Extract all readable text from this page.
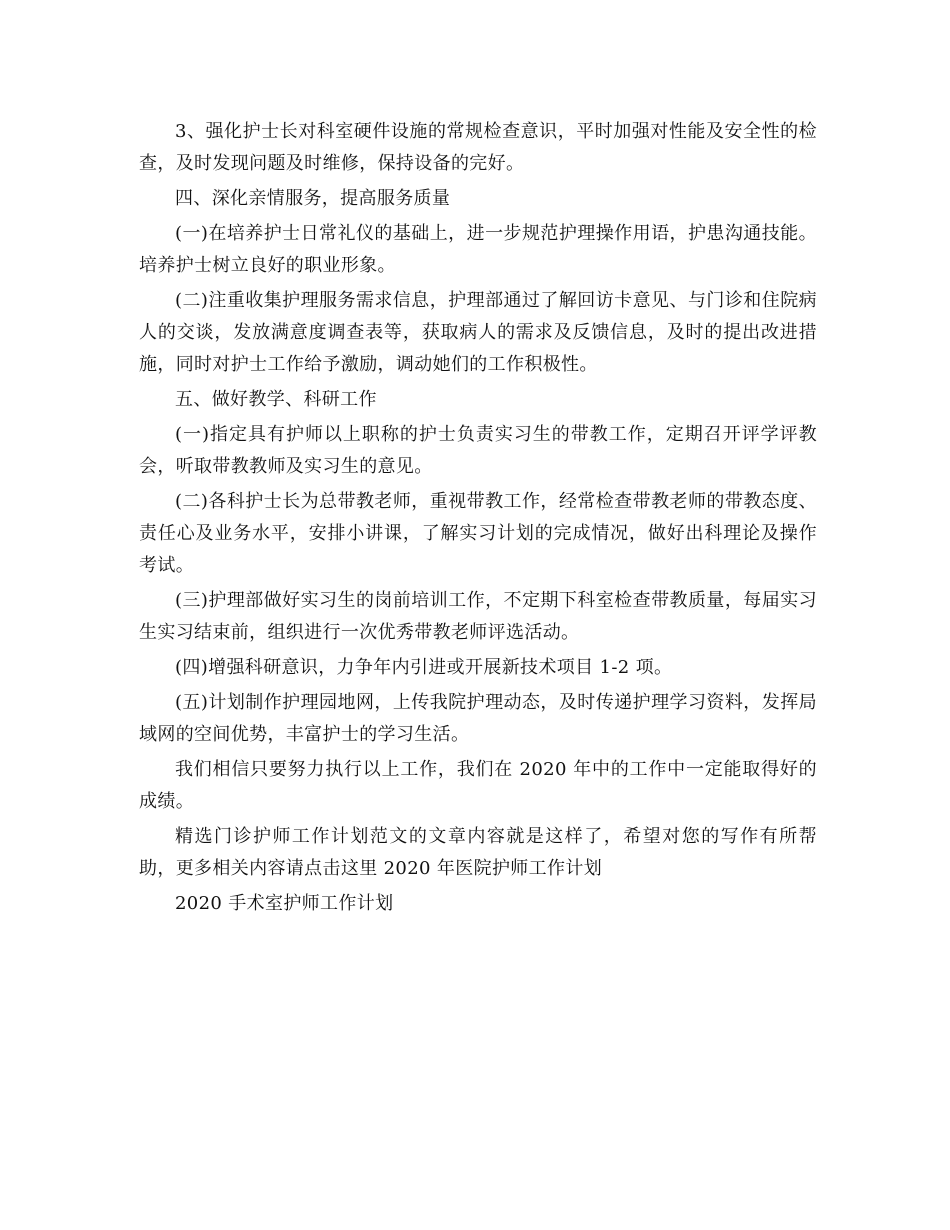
3、强化护士长对科室硬件设施的常规检查意识，平时加强对性能及安全性的检查，及时发现问题及时维修，保持设备的完好。

四、深化亲情服务，提高服务质量

(一)在培养护士日常礼仪的基础上，进一步规范护理操作用语，护患沟通技能。培养护士树立良好的职业形象。

(二)注重收集护理服务需求信息，护理部通过了解回访卡意见、与门诊和住院病人的交谈，发放满意度调查表等，获取病人的需求及反馈信息，及时的提出改进措施，同时对护士工作给予激励，调动她们的工作积极性。

五、做好教学、科研工作

(一)指定具有护师以上职称的护士负责实习生的带教工作，定期召开评学评教会，听取带教教师及实习生的意见。

(二)各科护士长为总带教老师，重视带教工作，经常检查带教老师的带教态度、责任心及业务水平，安排小讲课，了解实习计划的完成情况，做好出科理论及操作考试。

(三)护理部做好实习生的岗前培训工作，不定期下科室检查带教质量，每届实习生实习结束前，组织进行一次优秀带教老师评选活动。

(四)增强科研意识，力争年内引进或开展新技术项目 1-2 项。

(五)计划制作护理园地网，上传我院护理动态，及时传递护理学习资料，发挥局域网的空间优势，丰富护士的学习生活。

我们相信只要努力执行以上工作，我们在 2020 年中的工作中一定能取得好的成绩。

精选门诊护师工作计划范文的文章内容就是这样了，希望对您的写作有所帮助，更多相关内容请点击这里 2020 年医院护师工作计划

2020 手术室护师工作计划
